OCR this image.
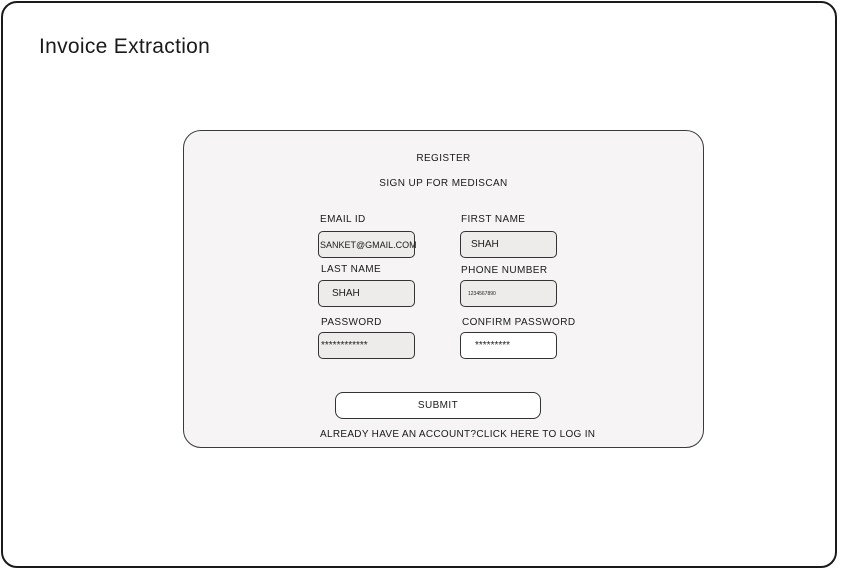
Invoice Extraction
REGISTER
SIGN UP FOR MEDISCAN
EMAIL ID
SANKET@GMAIL.COM
FIRST NAME
SHAH
LAST NAME
SHAH
PHONE NUMBER
1234567890
PASSWORD
************
CONFIRM PASSWORD
*********
SUBMIT
ALREADY HAVE AN ACCOUNT?CLICK HERE TO LOG IN
